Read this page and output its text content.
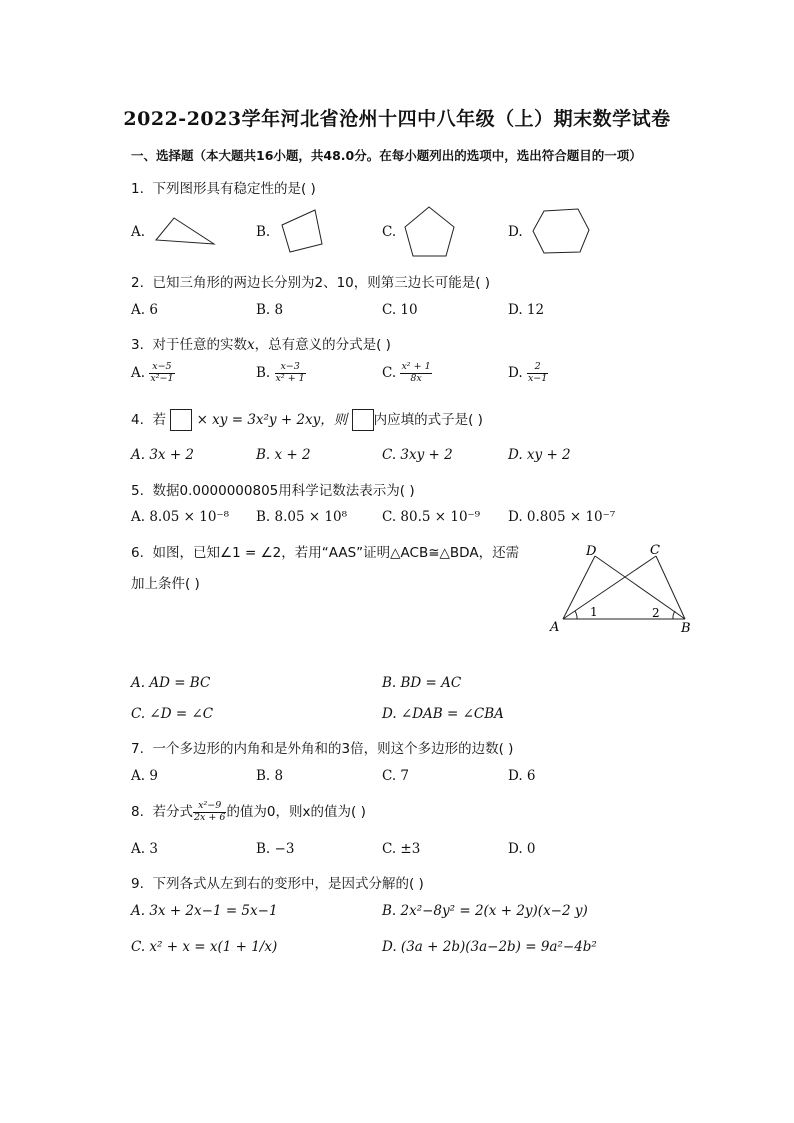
2022-2023学年河北省沧州十四中八年级（上）期末数学试卷
一、选择题（本大题共16小题，共48.0分。在每小题列出的选项中，选出符合题目的一项）
1. 下列图形具有稳定性的是( )
A.	B.	C.	D.
2. 已知三角形的两边长分别为2、10，则第三边长可能是( )
A. 6	B. 8	C. 10	D. 12
3. 对于任意的实数x，总有意义的分式是( )
A. $\frac{x-5}{\text{x²−1}}$	B. $\frac{x-3}{\text{x² + 1}}$	C. $\frac{\text{x² + 1}}{8x}$	D. $\frac{2}{x-1}$
4. 若 × xy = 3x²y + 2xy，则 内应填的式子是( )
A. 3x + 2	B. x + 2	C. 3xy + 2	D. xy + 2
5. 数据0.0000000805用科学记数法表示为( )
A. 8.05 × 10⁻⁸ B. 8.05 × 10⁸	C. 80.5 × 10⁻⁹ D. 0.805 × 10⁻⁷
6. 如图，已知∠1 = ∠2，若用“AAS”证明△ACB≅△BDA，还需
加上条件( )
D	C
A	B
1	2
A. AD = BC	B. BD = AC
C. ∠D = ∠C	D. ∠DAB = ∠CBA
7. 一个多边形的内角和是外角和的3倍，则这个多边形的边数( )
A. 9	B. 8	C. 7	D. 6
8. 若分式 $\frac{\text{x²−9}}{2x + 6}$ 的值为0，则x的值为( )
A. 3	B. −3	C. ±3	D. 0
9. 下列各式从左到右的变形中，是因式分解的( )
A. 3x + 2x−1 = 5x−1	B. 2x²−8y² = 2(x + 2y)(x−2 y)
C. x² + x = x(1 + 1/x)	D. (3a + 2b)(3a−2b) = 9a²−4b²
